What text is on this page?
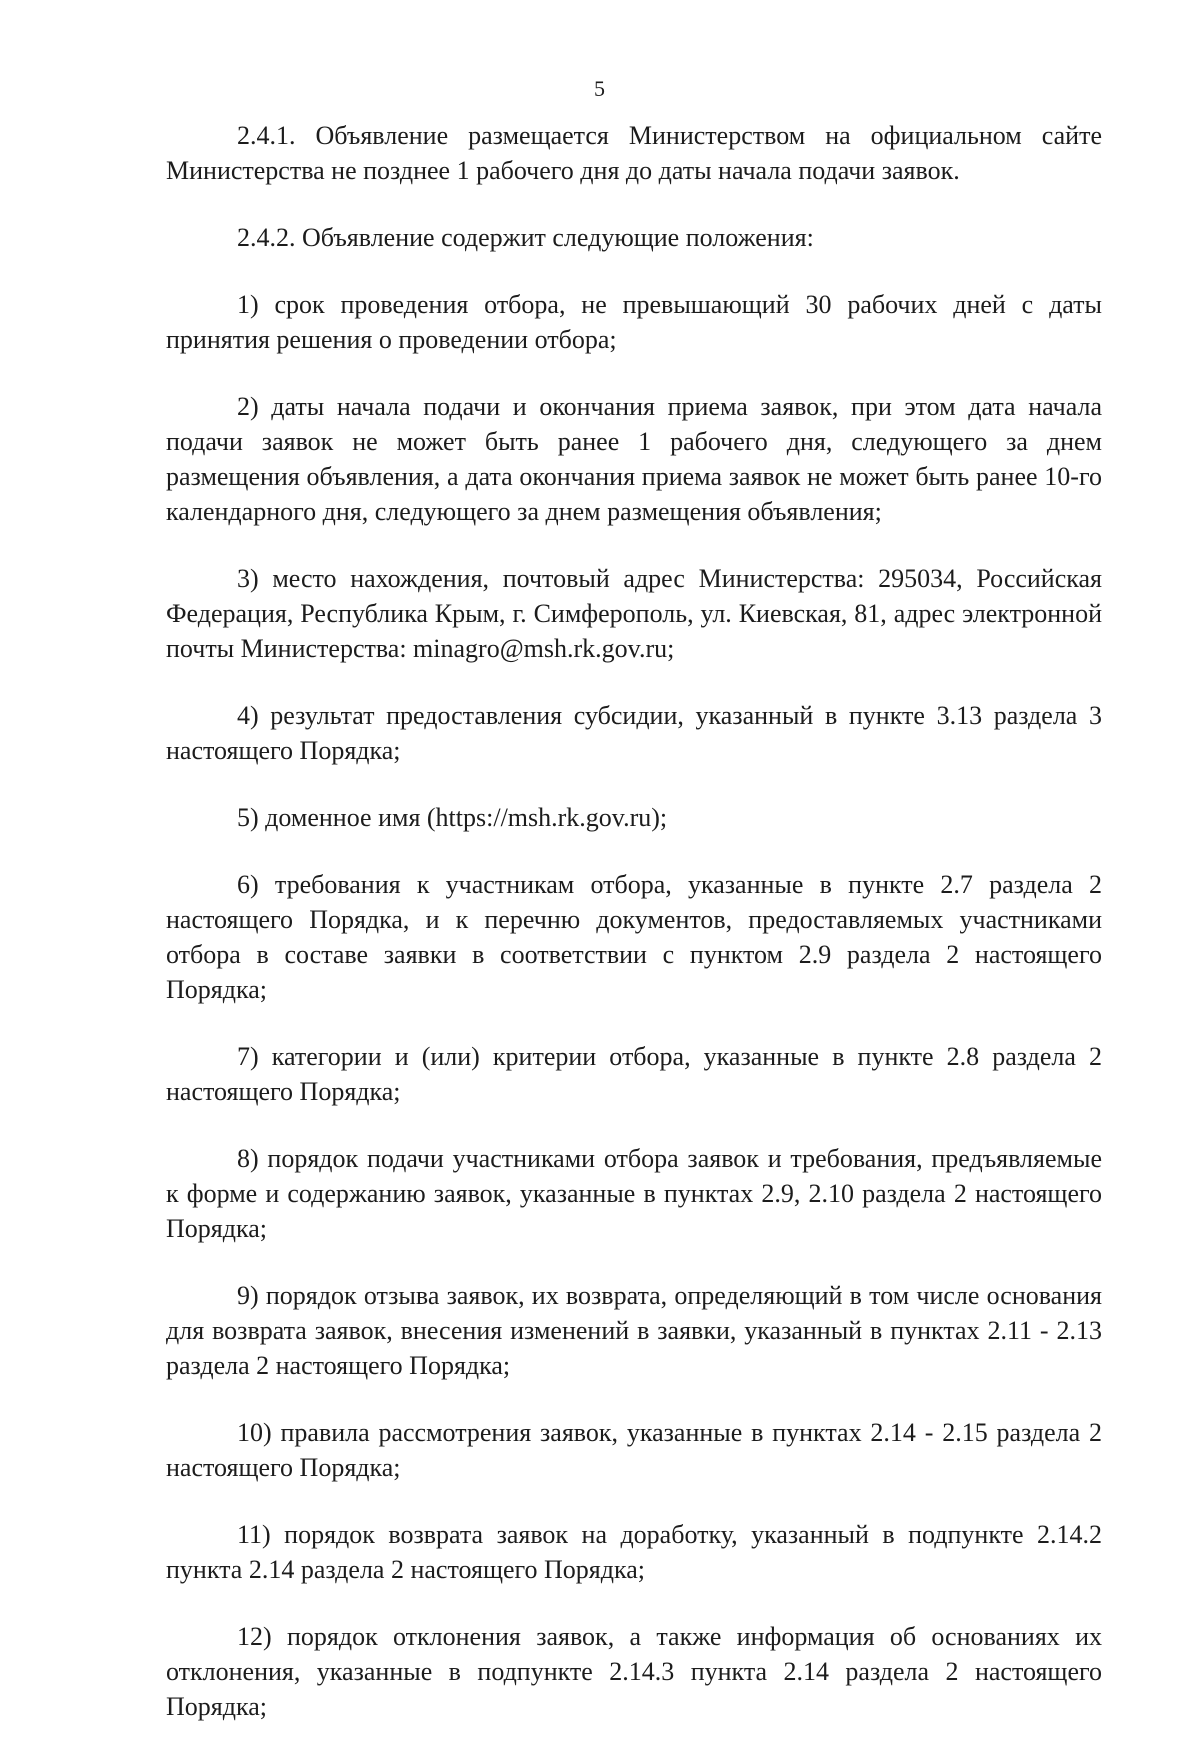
5

2.4.1. Объявление размещается Министерством на официальном сайте Министерства не позднее 1 рабочего дня до даты начала подачи заявок.

2.4.2. Объявление содержит следующие положения:

1) срок проведения отбора, не превышающий 30 рабочих дней с даты принятия решения о проведении отбора;

2) даты начала подачи и окончания приема заявок, при этом дата начала подачи заявок не может быть ранее 1 рабочего дня, следующего за днем размещения объявления, а дата окончания приема заявок не может быть ранее 10-го календарного дня, следующего за днем размещения объявления;

3) место нахождения, почтовый адрес Министерства: 295034, Российская Федерация, Республика Крым, г. Симферополь, ул. Киевская, 81, адрес электронной почты Министерства: minagro@msh.rk.gov.ru;

4) результат предоставления субсидии, указанный в пункте 3.13 раздела 3 настоящего Порядка;

5) доменное имя (https://msh.rk.gov.ru);

6) требования к участникам отбора, указанные в пункте 2.7 раздела 2 настоящего Порядка, и к перечню документов, предоставляемых участниками отбора в составе заявки в соответствии с пунктом 2.9 раздела 2 настоящего Порядка;

7) категории и (или) критерии отбора, указанные в пункте 2.8 раздела 2 настоящего Порядка;

8) порядок подачи участниками отбора заявок и требования, предъявляемые к форме и содержанию заявок, указанные в пунктах 2.9, 2.10 раздела 2 настоящего Порядка;

9) порядок отзыва заявок, их возврата, определяющий в том числе основания для возврата заявок, внесения изменений в заявки, указанный в пунктах 2.11 - 2.13 раздела 2 настоящего Порядка;

10) правила рассмотрения заявок, указанные в пунктах 2.14 - 2.15 раздела 2 настоящего Порядка;

11) порядок возврата заявок на доработку, указанный в подпункте 2.14.2 пункта 2.14 раздела 2 настоящего Порядка;

12) порядок отклонения заявок, а также информация об основаниях их отклонения, указанные в подпункте 2.14.3 пункта 2.14 раздела 2 настоящего Порядка;
